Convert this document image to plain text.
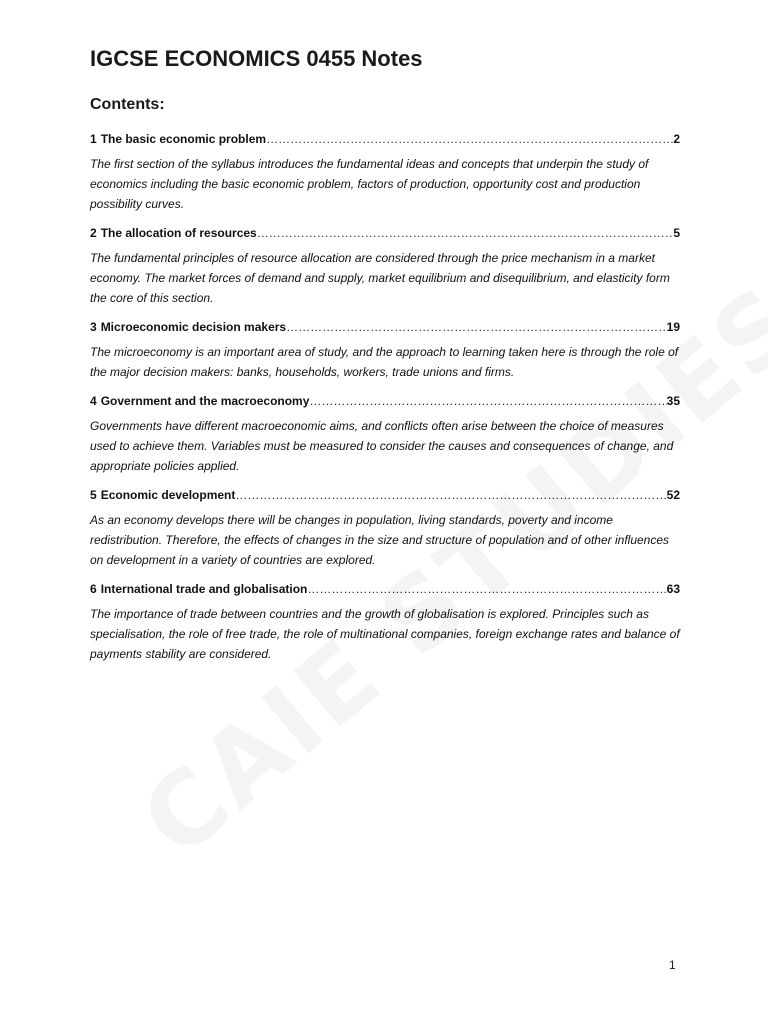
IGCSE ECONOMICS 0455 Notes
Contents:
1 The basic economic problem ……………………………………………………………………………………………………………………………………………………………………………………………………………	2

The first section of the syllabus introduces the fundamental ideas and concepts that underpin the study of economics including the basic economic problem, factors of production, opportunity cost and production possibility curves.

2 The allocation of resources ……………………………………………………………………………………………………………………………………………………………………………………………………………	5

The fundamental principles of resource allocation are considered through the price mechanism in a market economy. The market forces of demand and supply, market equilibrium and disequilibrium, and elasticity form the core of this section.

3 Microeconomic decision makers ……………………………………………………………………………………………………………………………………………………………………………………………………………	19

The microeconomy is an important area of study, and the approach to learning taken here is through the role of the major decision makers: banks, households, workers, trade unions and firms.

4 Government and the macroeconomy ……………………………………………………………………………………………………………………………………………………………………………………………………………	35

Governments have different macroeconomic aims, and conflicts often arise between the choice of measures used to achieve them. Variables must be measured to consider the causes and consequences of change, and appropriate policies applied.

5 Economic development ……………………………………………………………………………………………………………………………………………………………………………………………………………	52

As an economy develops there will be changes in population, living standards, poverty and income redistribution. Therefore, the effects of changes in the size and structure of population and of other influences on development in a variety of countries are explored.

6 International trade and globalisation ……………………………………………………………………………………………………………………………………………………………………………………………………………	63

The importance of trade between countries and the growth of globalisation is explored. Principles such as specialisation, the role of free trade, the role of multinational companies, foreign exchange rates and balance of payments stability are considered.

1
